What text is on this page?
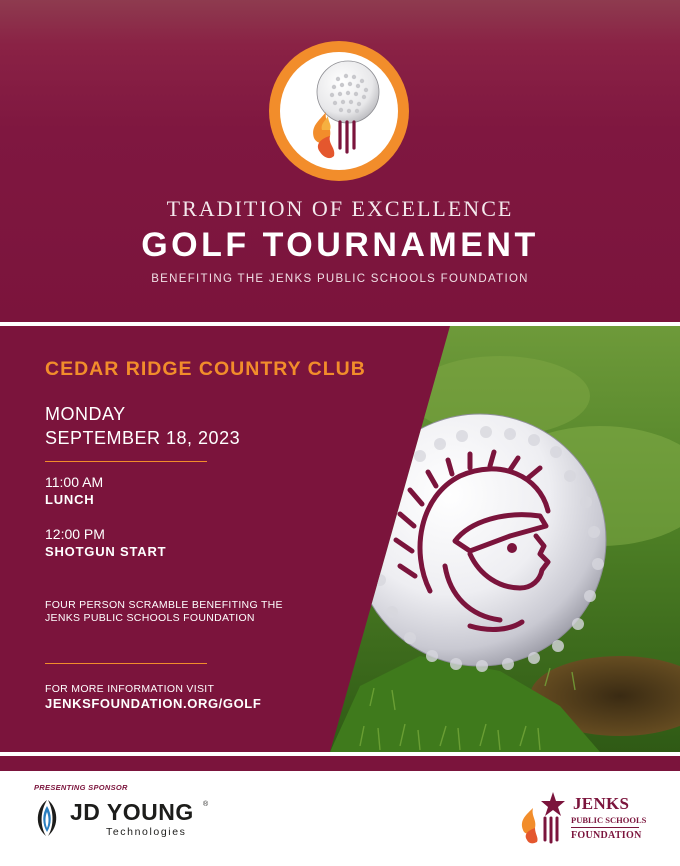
TRADITION OF EXCELLENCE
GOLF TOURNAMENT
BENEFITING THE JENKS PUBLIC SCHOOLS FOUNDATION
CEDAR RIDGE COUNTRY CLUB
MONDAY
SEPTEMBER 18, 2023
11:00 AM
LUNCH
12:00 PM
SHOTGUN START
FOUR PERSON SCRAMBLE BENEFITING THE
JENKS PUBLIC SCHOOLS FOUNDATION
FOR MORE INFORMATION VISIT
JENKSFOUNDATION.ORG/GOLF
PRESENTING SPONSOR
JD YOUNG ®
Technologies
JENKS
PUBLIC SCHOOLS
FOUNDATION
